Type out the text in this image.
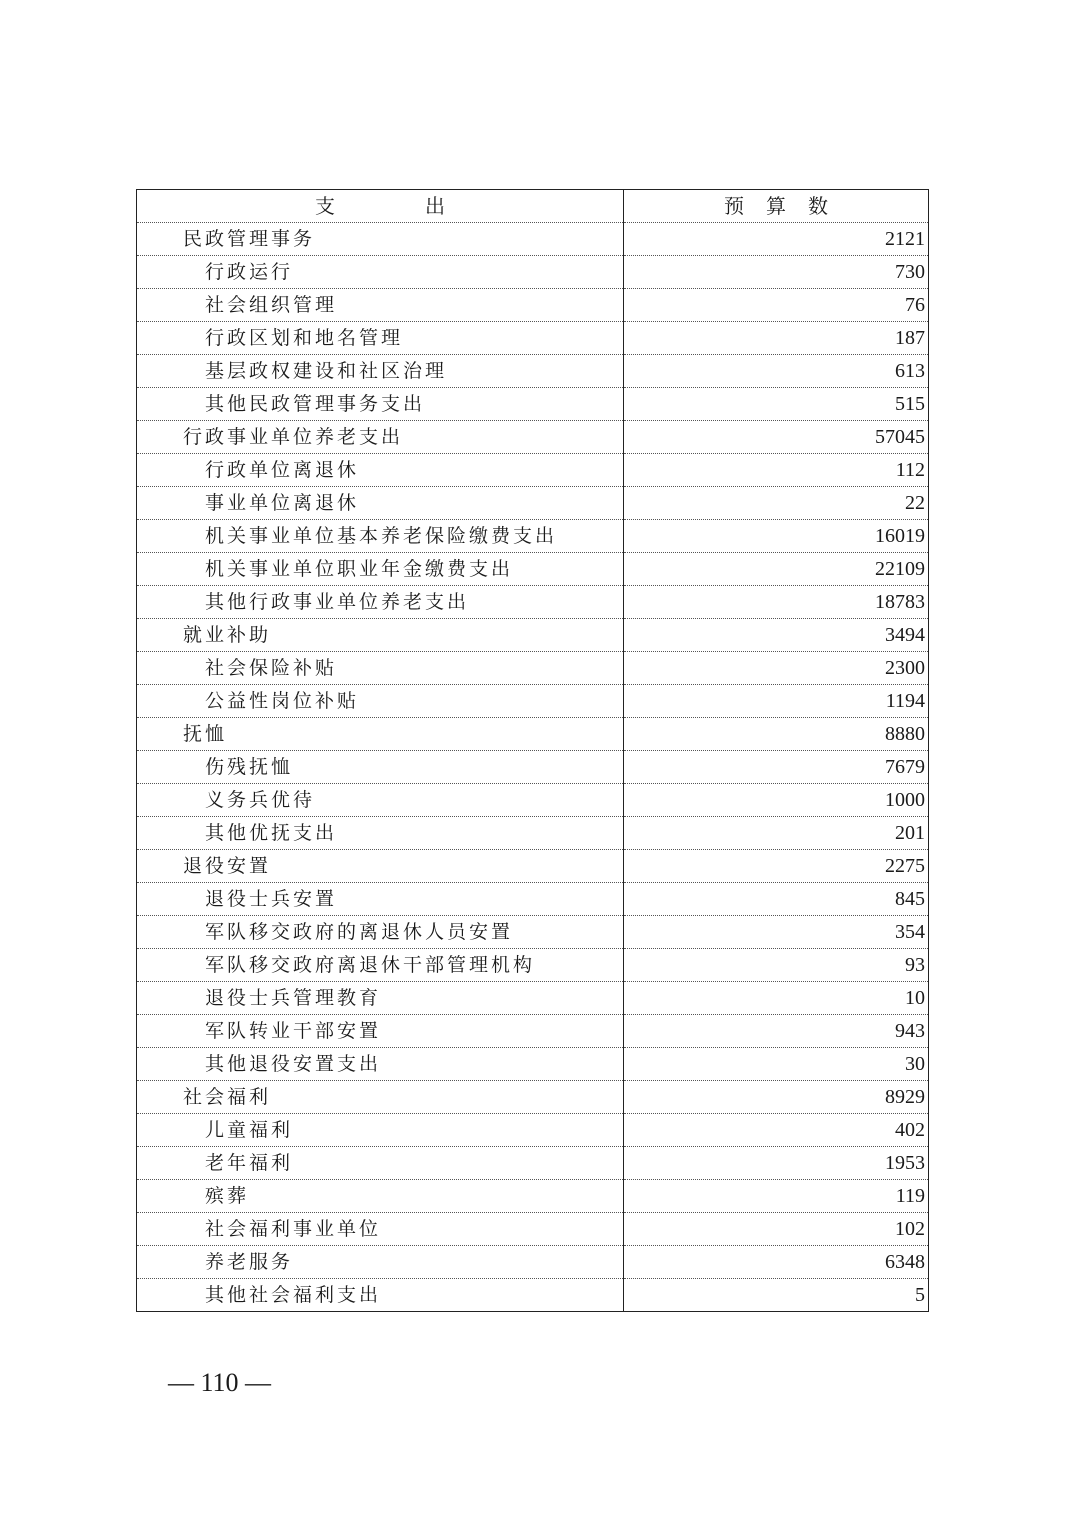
支出	预算数
民政管理事务	2121
行政运行	730
社会组织管理	76
行政区划和地名管理	187
基层政权建设和社区治理	613
其他民政管理事务支出	515
行政事业单位养老支出	57045
行政单位离退休	112
事业单位离退休	22
机关事业单位基本养老保险缴费支出	16019
机关事业单位职业年金缴费支出	22109
其他行政事业单位养老支出	18783
就业补助	3494
社会保险补贴	2300
公益性岗位补贴	1194
抚恤	8880
伤残抚恤	7679
义务兵优待	1000
其他优抚支出	201
退役安置	2275
退役士兵安置	845
军队移交政府的离退休人员安置	354
军队移交政府离退休干部管理机构	93
退役士兵管理教育	10
军队转业干部安置	943
其他退役安置支出	30
社会福利	8929
儿童福利	402
老年福利	1953
殡葬	119
社会福利事业单位	102
养老服务	6348
其他社会福利支出	5
— 110 —
